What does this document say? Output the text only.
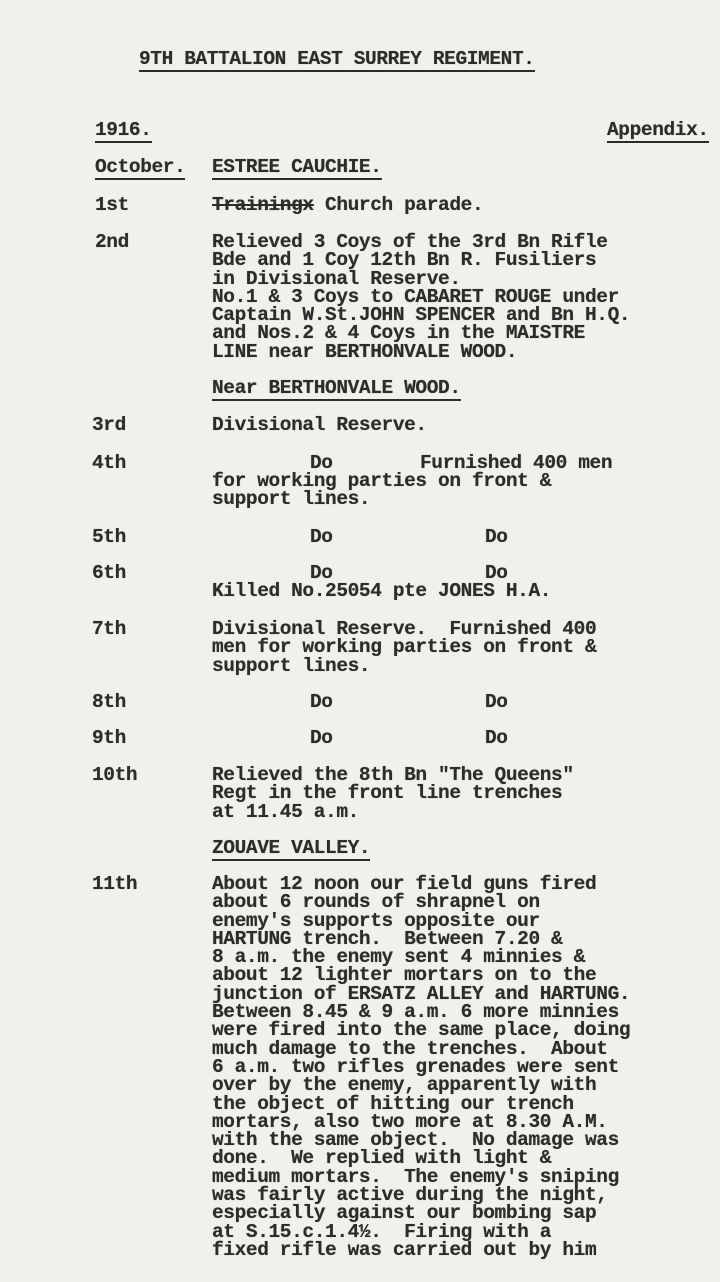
9TH BATTALION EAST SURREY REGIMENT.
1916.	Appendix.
October. ESTREE CAUCHIE.
1st	Trainingx Church parade.
2nd	Relieved 3 Coys of the 3rd Bn Rifle
Bde and 1 Coy 12th Bn R. Fusiliers
in Divisional Reserve.
No.1 & 3 Coys to CABARET ROUGE under
Captain W.St.JOHN SPENCER and Bn H.Q.
and Nos.2 & 4 Coys in the MAISTRE
LINE near BERTHONVALE WOOD.
Near BERTHONVALE WOOD.
3rd	Divisional Reserve.
4th	Do	Furnished 400 men
for working parties on front &
support lines.
5th	Do	Do
6th	Do	Do
Killed No.25054 pte JONES H.A.
7th	Divisional Reserve.  Furnished 400
men for working parties on front &
support lines.
8th	Do	Do
9th	Do	Do
10th	Relieved the 8th Bn "The Queens"
Regt in the front line trenches
at 11.45 a.m.
ZOUAVE VALLEY.
11th	About 12 noon our field guns fired
about 6 rounds of shrapnel on
enemy's supports opposite our
HARTUNG trench.  Between 7.20 &
8 a.m. the enemy sent 4 minnies &
about 12 lighter mortars on to the
junction of ERSATZ ALLEY and HARTUNG.
Between 8.45 & 9 a.m. 6 more minnies
were fired into the same place, doing
much damage to the trenches.  About
6 a.m. two rifles grenades were sent
over by the enemy, apparently with
the object of hitting our trench
mortars, also two more at 8.30 A.M.
with the same object.  No damage was
done.  We replied with light &
medium mortars.  The enemy's sniping
was fairly active during the night,
especially against our bombing sap
at S.15.c.1.4½.  Firing with a
fixed rifle was carried out by him
